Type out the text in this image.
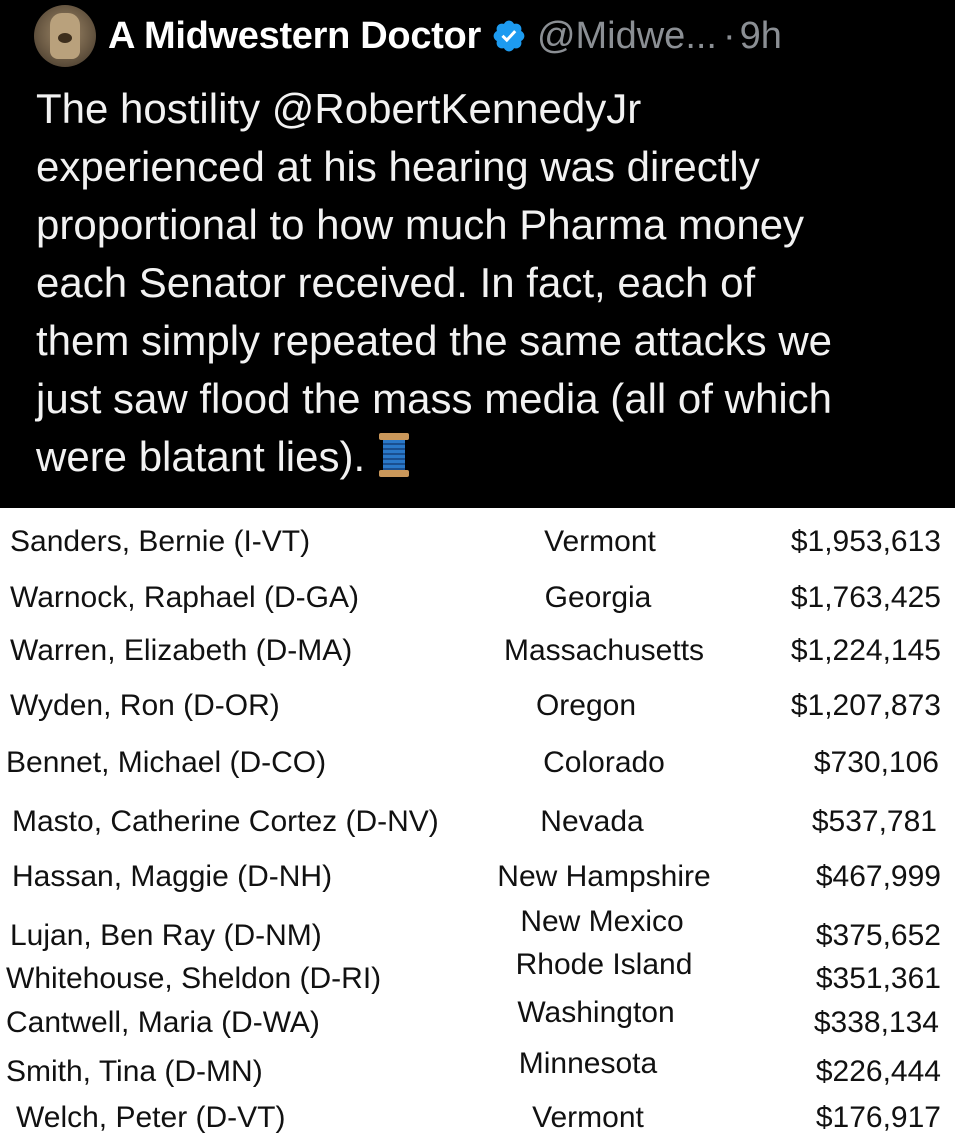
A Midwestern Doctor @Midwe... · 9h
The hostility @RobertKennedyJr
experienced at his hearing was directly
proportional to how much Pharma money
each Senator received. In fact, each of
them simply repeated the same attacks we
just saw flood the mass media (all of which
were blatant lies).
Sanders, Bernie (I-VT)	Vermont	$1,953,613
Warnock, Raphael (D-GA)	Georgia	$1,763,425
Warren, Elizabeth (D-MA)	Massachusetts	$1,224,145
Wyden, Ron (D-OR)	Oregon	$1,207,873
Bennet, Michael (D-CO)	Colorado	$730,106
Masto, Catherine Cortez (D-NV)	Nevada	$537,781
Hassan, Maggie (D-NH)	New Hampshire	$467,999
Lujan, Ben Ray (D-NM)	New Mexico	$375,652
Whitehouse, Sheldon (D-RI)	Rhode Island	$351,361
Cantwell, Maria (D-WA)	Washington	$338,134
Smith, Tina (D-MN)	Minnesota	$226,444
Welch, Peter (D-VT)	Vermont	$176,917
